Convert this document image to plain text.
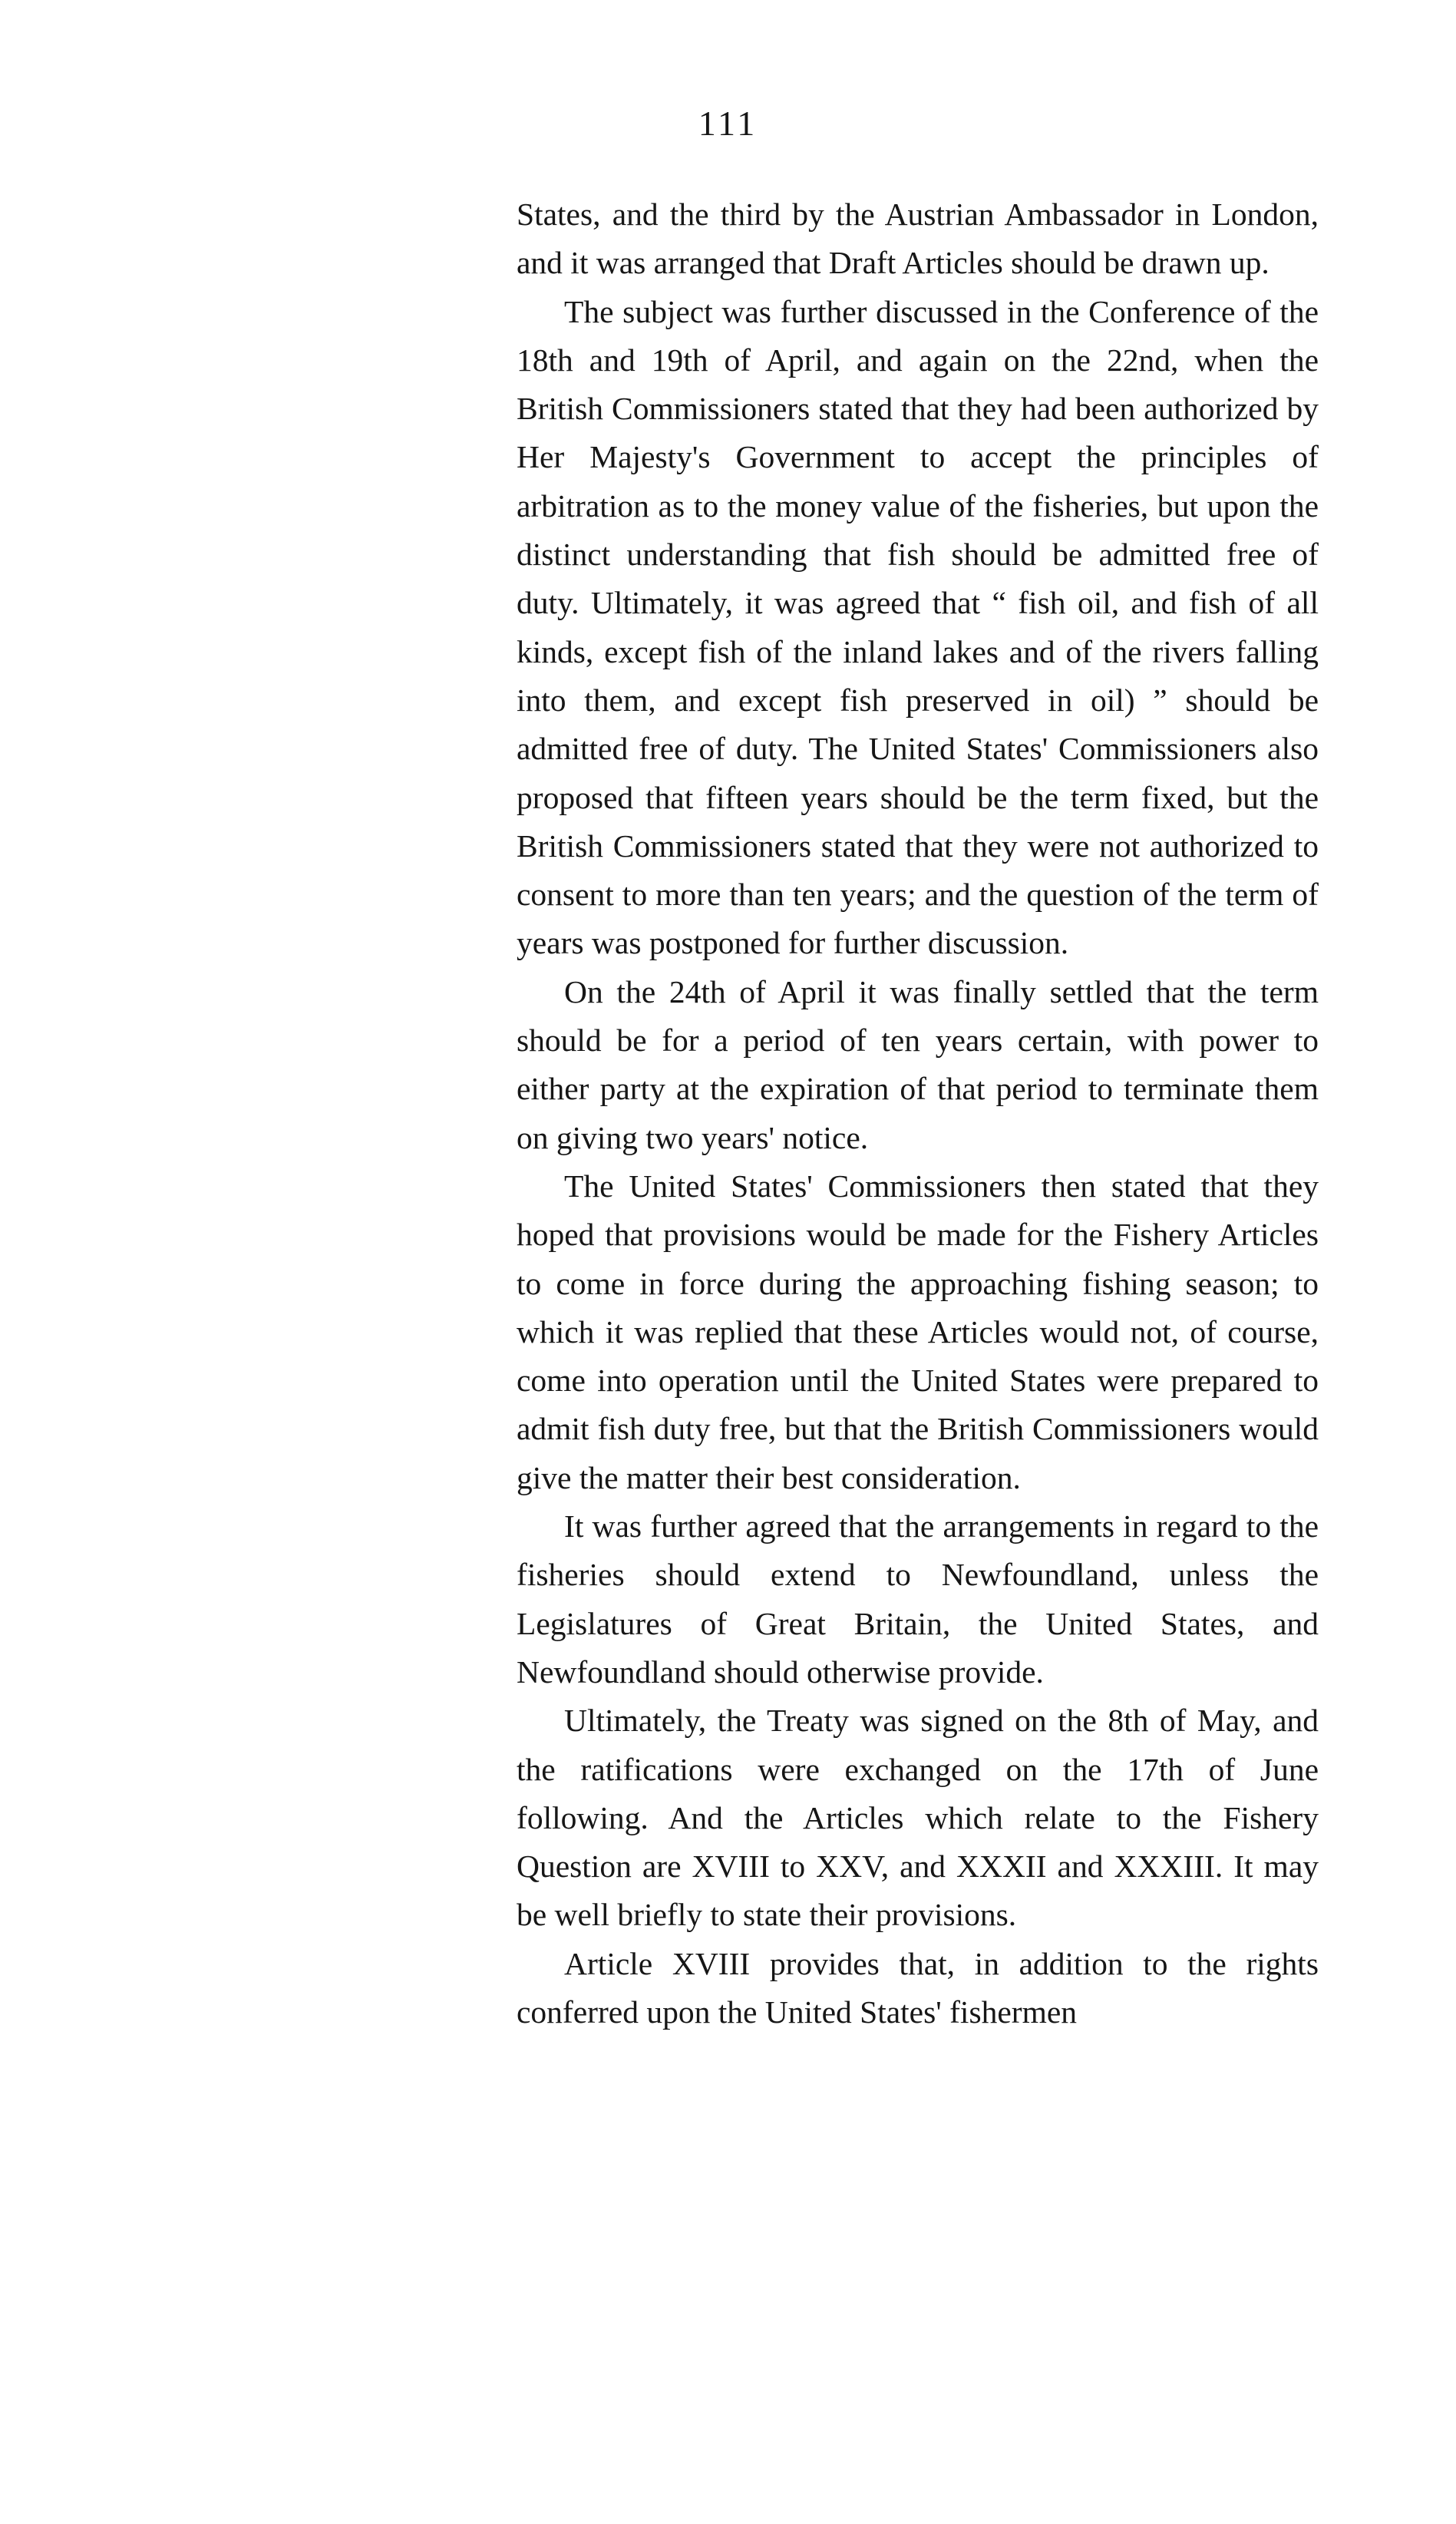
111

States, and the third by the Austrian Ambassador in London, and it was arranged that Draft Articles should be drawn up.

The subject was further discussed in the Conference of the 18th and 19th of April, and again on the 22nd, when the British Commissioners stated that they had been authorized by Her Majesty's Government to accept the principles of arbitration as to the money value of the fisheries, but upon the distinct understanding that fish should be admitted free of duty. Ultimately, it was agreed that “ fish oil, and fish of all kinds, except fish of the inland lakes and of the rivers falling into them, and except fish preserved in oil) ” should be admitted free of duty. The United States' Commissioners also proposed that fifteen years should be the term fixed, but the British Commissioners stated that they were not authorized to consent to more than ten years; and the question of the term of years was postponed for further discussion.

On the 24th of April it was finally settled that the term should be for a period of ten years certain, with power to either party at the expiration of that period to terminate them on giving two years' notice.

The United States' Commissioners then stated that they hoped that provisions would be made for the Fishery Articles to come in force during the approaching fishing season; to which it was replied that these Articles would not, of course, come into operation until the United States were prepared to admit fish duty free, but that the British Commissioners would give the matter their best consideration.

It was further agreed that the arrangements in regard to the fisheries should extend to Newfoundland, unless the Legislatures of Great Britain, the United States, and Newfoundland should otherwise provide.

Ultimately, the Treaty was signed on the 8th of May, and the ratifications were exchanged on the 17th of June following. And the Articles which relate to the Fishery Question are XVIII to XXV, and XXXII and XXXIII. It may be well briefly to state their provisions.

Article XVIII provides that, in addition to the rights conferred upon the United States' fishermen
